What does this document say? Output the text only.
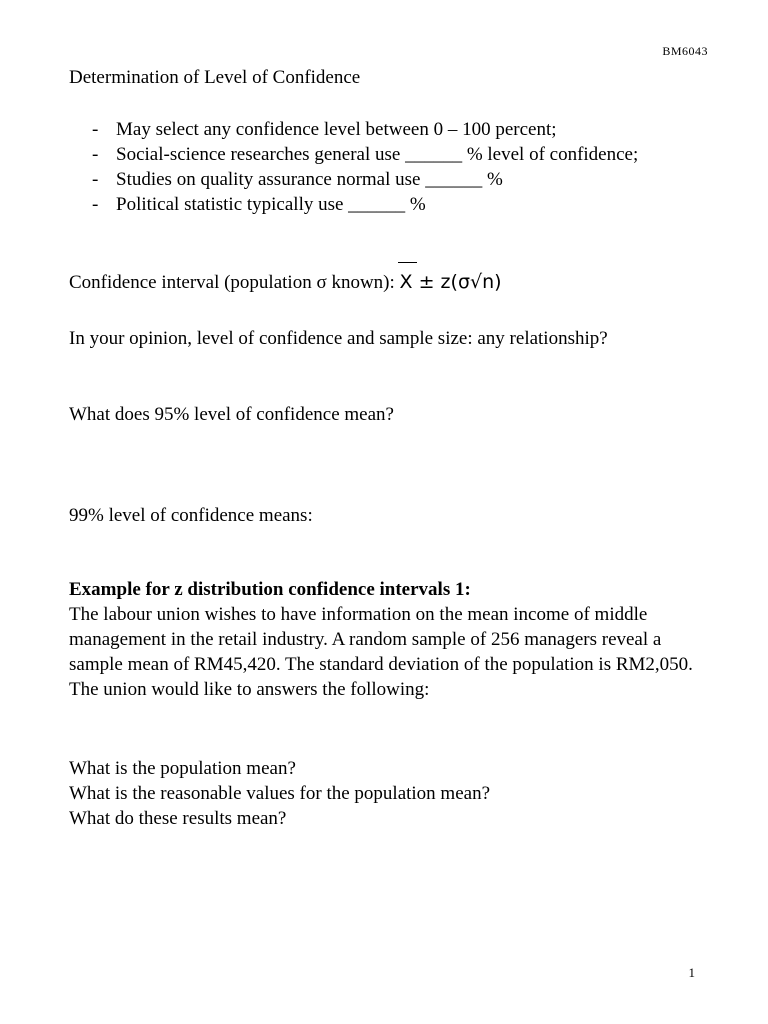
BM6043
Determination of Level of Confidence
- May select any confidence level between 0 – 100 percent;
- Social-science researches general use ______ % level of confidence;
- Studies on quality assurance normal use ______ %
- Political statistic typically use ______ %
Confidence interval (population σ known):
X ± z(σ√n)
In your opinion, level of confidence and sample size: any relationship?
What does 95% level of confidence mean?
99% level of confidence means:
Example for z distribution confidence intervals 1:
The labour union wishes to have information on the mean income of middle management in the retail industry. A random sample of 256 managers reveal a sample mean of RM45,420. The standard deviation of the population is RM2,050. The union would like to answers the following:
What is the population mean?
What is the reasonable values for the population mean?
What do these results mean?
1
